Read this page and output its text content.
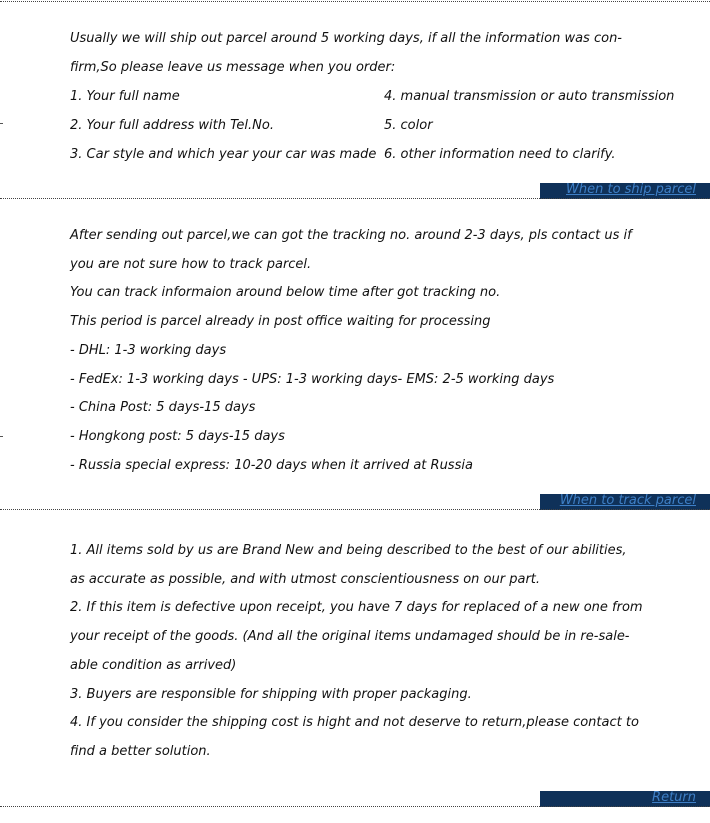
Usually we will ship out parcel around 5 working days, if all the information was con-
firm,So please leave us message when you order:
1. Your full name
2. Your full address with Tel.No.
3. Car style and which year your car was made
4. manual transmission or auto transmission
5. color
6. other information need to clarify.
When to ship parcel
After sending out parcel,we can got the tracking no. around 2-3 days, pls contact us if
you are not sure how to track parcel.
You can track informaion around below time after got tracking no.
This period is parcel already in post office waiting for processing
- DHL: 1-3 working days
- FedEx: 1-3 working days - UPS: 1-3 working days- EMS: 2-5 working days
- China Post: 5 days-15 days
- Hongkong post: 5 days-15 days
- Russia special express: 10-20 days when it arrived at Russia
When to track parcel
1. All items sold by us are Brand New and being described to the best of our abilities,
as accurate as possible, and with utmost conscientiousness on our part.
2. If this item is defective upon receipt, you have 7 days for replaced of a new one from
your receipt of the goods. (And all the original items undamaged should be in re-sale-
able condition as arrived)
3. Buyers are responsible for shipping with proper packaging.
4. If you consider the shipping cost is hight and not deserve to return,please contact to
find a better solution.
Return
